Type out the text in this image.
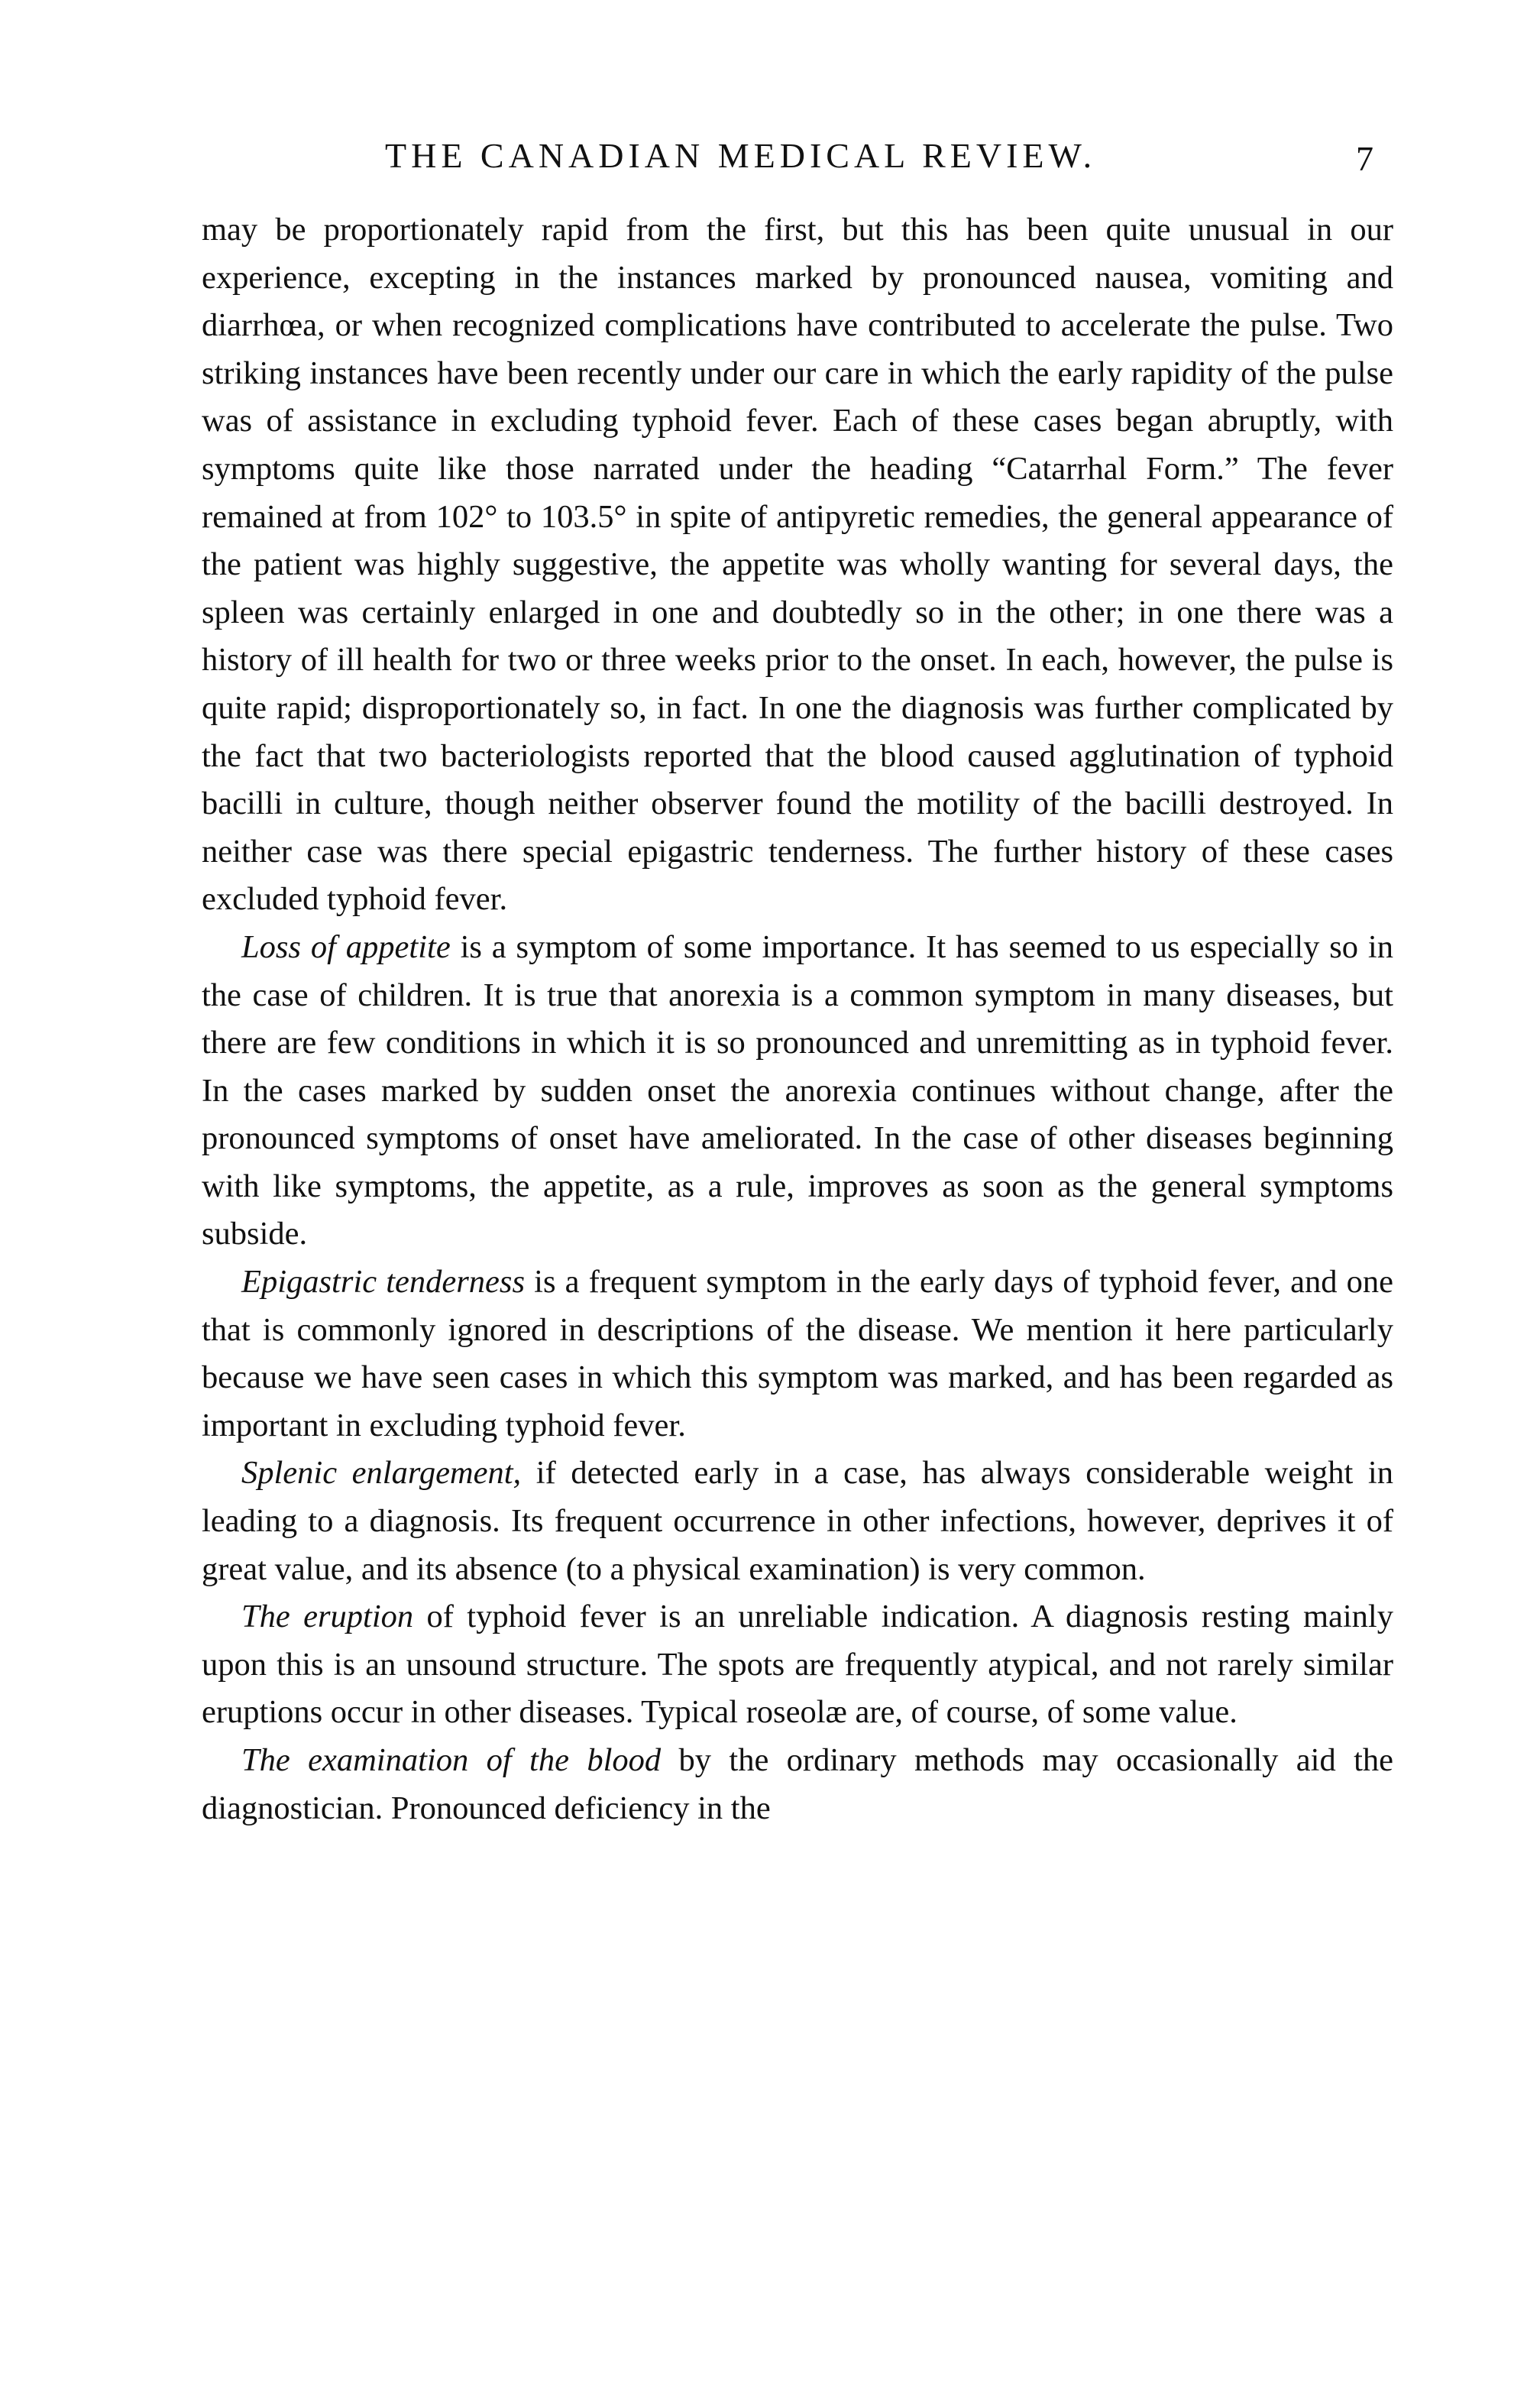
THE CANADIAN MEDICAL REVIEW.	7

may be proportionately rapid from the first, but this has been quite unusual in our experience, excepting in the instances marked by pronounced nausea, vomiting and diarrhœa, or when recognized complications have contributed to accelerate the pulse. Two striking instances have been recently under our care in which the early rapidity of the pulse was of assistance in excluding typhoid fever. Each of these cases began abruptly, with symptoms quite like those narrated under the heading “Catarrhal Form.” The fever remained at from 102° to 103.5° in spite of antipyretic remedies, the general appearance of the patient was highly suggestive, the appetite was wholly wanting for several days, the spleen was certainly enlarged in one and doubtedly so in the other; in one there was a history of ill health for two or three weeks prior to the onset. In each, however, the pulse is quite rapid; disproportionately so, in fact. In one the diagnosis was further complicated by the fact that two bacteriologists reported that the blood caused agglutination of typhoid bacilli in culture, though neither observer found the motility of the bacilli destroyed. In neither case was there special epigastric tenderness. The further history of these cases excluded typhoid fever.

Loss of appetite is a symptom of some importance. It has seemed to us especially so in the case of children. It is true that anorexia is a common symptom in many diseases, but there are few conditions in which it is so pronounced and unremitting as in typhoid fever. In the cases marked by sudden onset the anorexia continues without change, after the pronounced symptoms of onset have ameliorated. In the case of other diseases beginning with like symptoms, the appetite, as a rule, improves as soon as the general symptoms subside.

Epigastric tenderness is a frequent symptom in the early days of typhoid fever, and one that is commonly ignored in descriptions of the disease. We mention it here particularly because we have seen cases in which this symptom was marked, and has been regarded as important in excluding typhoid fever.

Splenic enlargement, if detected early in a case, has always considerable weight in leading to a diagnosis. Its frequent occurrence in other infections, however, deprives it of great value, and its absence (to a physical examination) is very common.

The eruption of typhoid fever is an unreliable indication. A diagnosis resting mainly upon this is an unsound structure. The spots are frequently atypical, and not rarely similar eruptions occur in other diseases. Typical roseolæ are, of course, of some value.

The examination of the blood by the ordinary methods may occasionally aid the diagnostician. Pronounced deficiency in the
